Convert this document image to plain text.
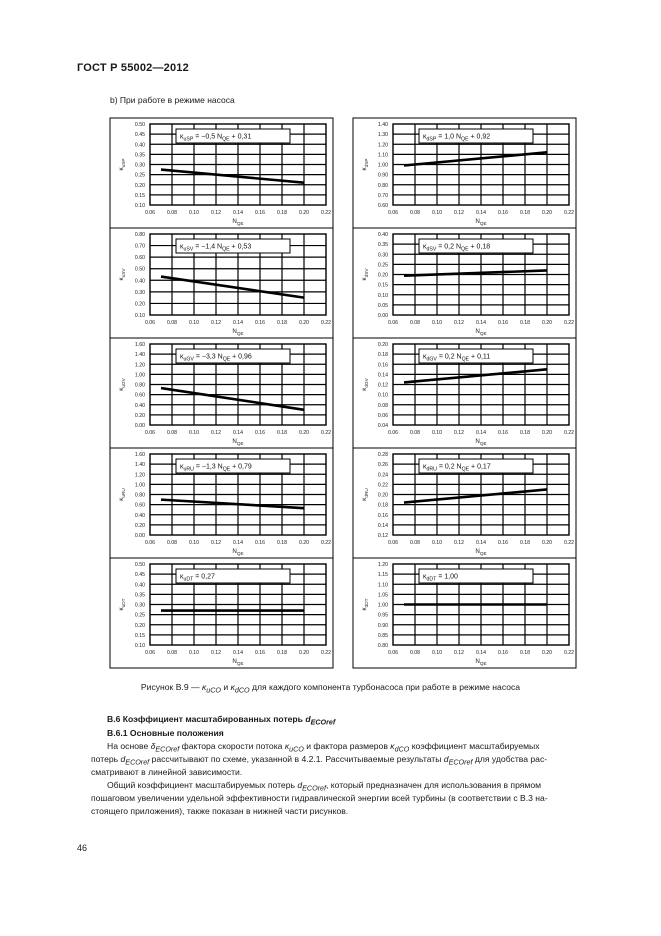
ГОСТ Р 55002—2012
b) При работе в режиме насоса
0.50
0.45
0.40
0.35
0.30
0.25
0.20
0.15
0.10
0.06 0.08 0.10 0.12 0.14 0.16 0.18 0.20 0.22
$N_{QE}$
$\kappa_{uSP}$
$\kappa_{uSP} = -0,5$ $N_{QE} + 0,31$
1.40
1.30
1.20
1.10
1.00
0.90
0.80
0.70
0.60
0.06 0.08 0.10 0.12 0.14 0.16 0.18 0.20 0.22
$N_{QE}$
$\kappa_{dSP}$
$\kappa_{dSP} = 1,0$ $N_{QE} + 0,92$
0.80
0.70
0.60
0.50
0.40
0.30
0.20
0.10
0.06 0.08 0.10 0.12 0.14 0.16 0.18 0.20 0.22
$N_{QE}$
$\kappa_{uSV}$
$\kappa_{uSV} = -1,4$ $N_{QE} + 0,53$
0.40
0.35
0.30
0.25
0.20
0.15
0.10
0.05
0.00
0.06 0.08 0.10 0.12 0.14 0.16 0.18 0.20 0.22
$N_{QE}$
$\kappa_{dSV}$
$\kappa_{dSV} = 0,2$ $N_{QE} + 0,18$
1.60
1.40
1.20
1.00
0.80
0.60
0.40
0.20
0.00
0.06 0.08 0.10 0.12 0.14 0.16 0.18 0.20 0.22
$N_{QE}$
$\kappa_{uGV}$
$\kappa_{uGV} = -3,3$ $N_{QE} + 0,96$
0.20
0.18
0.16
0.14
0.12
0.10
0.08
0.06
0.04
0.06 0.08 0.10 0.12 0.14 0.16 0.18 0.20 0.22
$N_{QE}$
$\kappa_{dGV}$
$\kappa_{dGV} = 0,2$ $N_{QE} + 0,11$
1.60
1.40
1.20
1.00
0.80
0.60
0.40
0.20
0.00
0.06 0.08 0.10 0.12 0.14 0.16 0.18 0.20 0.22
$N_{QE}$
$\kappa_{uRU}$
$\kappa_{uRU} = -1,3$ $N_{QE} + 0,79$
0.28
0.26
0.24
0.22
0.20
0.18
0.16
0.14
0.12
0.06 0.08 0.10 0.12 0.14 0.16 0.18 0.20 0.22
$N_{QE}$
$\kappa_{dRU}$
$\kappa_{dRU} = 0,2$ $N_{QE} + 0,17$
0.50
0.45
0.40
0.35
0.30
0.25
0.20
0.15
0.10
0.06 0.08 0.10 0.12 0.14 0.16 0.18 0.20 0.22
$N_{QE}$
$\kappa_{uDT}$
$\kappa_{uDT} = 0,27$
1.20
1.15
1.10
1.05
1.00
0.95
0.90
0.85
0.80
0.06 0.08 0.10 0.12 0.14 0.16 0.18 0.20 0.22
$N_{QE}$
$\kappa_{dDT}$
$\kappa_{dDT} = 1,00$
Рисунок B.9 — $\kappa_{uCO}$ и $\kappa_{dCO}$ для каждого компонента турбонасоса при работе в режиме насоса
B.6 Коэффициент масштабированных потерь $d_{ECOref}$
B.6.1 Основные положения
На основе $\delta_{ECOref}$ фактора скорости потока $\kappa_{uCO}$ и фактора размеров $\kappa_{dCO}$ коэффициент масштабируемых
потерь $d_{ECOref}$ рассчитывают по схеме, указанной в 4.2.1. Рассчитываемые результаты $d_{ECOref}$ для удобства рас-
сматривают в линейной зависимости.
Общий коэффициент масштабируемых потерь $d_{ECOref}$, который предназначен для использования в прямом
пошаговом увеличении удельной эффективности гидравлической энергии всей турбины (в соответствии с B.3 на-
стоящего приложения), также показан в нижней части рисунков.
46
